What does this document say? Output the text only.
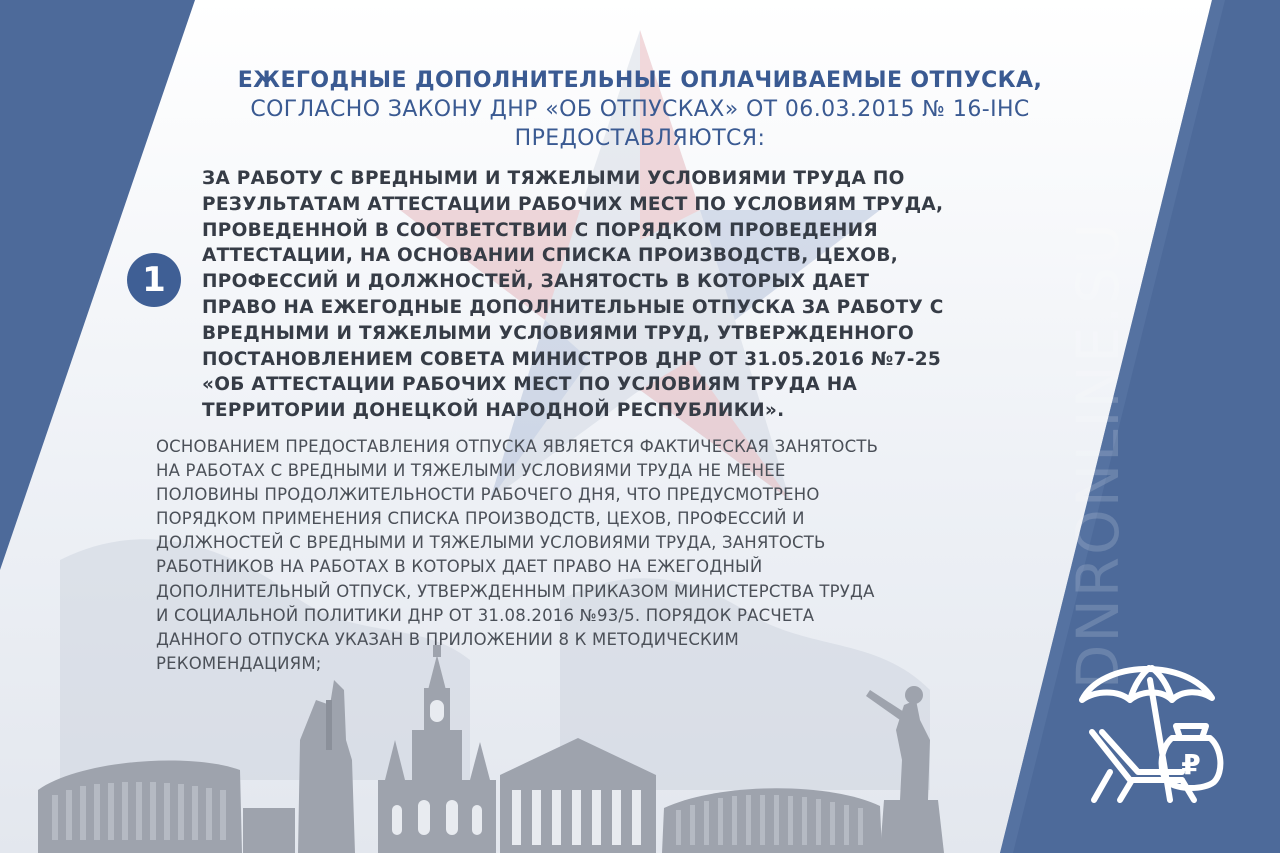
ЕЖЕГОДНЫЕ ДОПОЛНИТЕЛЬНЫЕ ОПЛАЧИВАЕМЫЕ ОТПУСКА,
СОГЛАСНО ЗАКОНУ ДНР «ОБ ОТПУСКАХ» ОТ 06.03.2015 № 16-IНС
ПРЕДОСТАВЛЯЮТСЯ:
1
ЗА РАБОТУ С ВРЕДНЫМИ И ТЯЖЕЛЫМИ УСЛОВИЯМИ ТРУДА ПО
РЕЗУЛЬТАТАМ АТТЕСТАЦИИ РАБОЧИХ МЕСТ ПО УСЛОВИЯМ ТРУДА,
ПРОВЕДЕННОЙ В СООТВЕТСТВИИ С ПОРЯДКОМ ПРОВЕДЕНИЯ
АТТЕСТАЦИИ, НА ОСНОВАНИИ СПИСКА ПРОИЗВОДСТВ, ЦЕХОВ,
ПРОФЕССИЙ И ДОЛЖНОСТЕЙ, ЗАНЯТОСТЬ В КОТОРЫХ ДАЕТ
ПРАВО НА ЕЖЕГОДНЫЕ ДОПОЛНИТЕЛЬНЫЕ ОТПУСКА ЗА РАБОТУ С
ВРЕДНЫМИ И ТЯЖЕЛЫМИ УСЛОВИЯМИ ТРУД, УТВЕРЖДЕННОГО
ПОСТАНОВЛЕНИЕМ СОВЕТА МИНИСТРОВ ДНР ОТ 31.05.2016 №7-25
«ОБ АТТЕСТАЦИИ РАБОЧИХ МЕСТ ПО УСЛОВИЯМ ТРУДА НА
ТЕРРИТОРИИ ДОНЕЦКОЙ НАРОДНОЙ РЕСПУБЛИКИ».
ОСНОВАНИЕМ ПРЕДОСТАВЛЕНИЯ ОТПУСКА ЯВЛЯЕТСЯ ФАКТИЧЕСКАЯ ЗАНЯТОСТЬ
НА РАБОТАХ С ВРЕДНЫМИ И ТЯЖЕЛЫМИ УСЛОВИЯМИ ТРУДА НЕ МЕНЕЕ
ПОЛОВИНЫ ПРОДОЛЖИТЕЛЬНОСТИ РАБОЧЕГО ДНЯ, ЧТО ПРЕДУСМОТРЕНО
ПОРЯДКОМ ПРИМЕНЕНИЯ СПИСКА ПРОИЗВОДСТВ, ЦЕХОВ, ПРОФЕССИЙ И
ДОЛЖНОСТЕЙ С ВРЕДНЫМИ И ТЯЖЕЛЫМИ УСЛОВИЯМИ ТРУДА, ЗАНЯТОСТЬ
РАБОТНИКОВ НА РАБОТАХ В КОТОРЫХ ДАЕТ ПРАВО НА ЕЖЕГОДНЫЙ
ДОПОЛНИТЕЛЬНЫЙ ОТПУСК, УТВЕРЖДЕННЫМ ПРИКАЗОМ МИНИСТЕРСТВА ТРУДА
И СОЦИАЛЬНОЙ ПОЛИТИКИ ДНР ОТ 31.08.2016 №93/5. ПОРЯДОК РАСЧЕТА
ДАННОГО ОТПУСКА УКАЗАН В ПРИЛОЖЕНИИ 8 К МЕТОДИЧЕСКИМ
РЕКОМЕНДАЦИЯМ;	DNRONLINE.SU
₽
